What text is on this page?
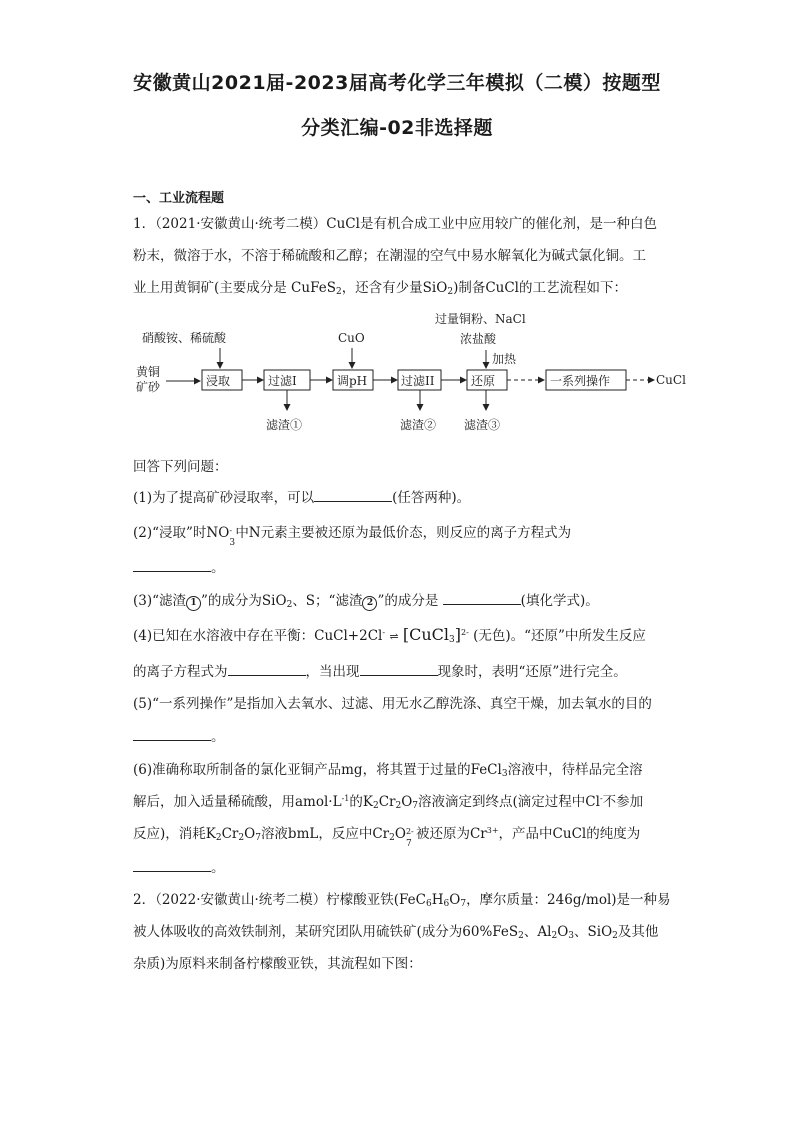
安徽黄山2021届-2023届高考化学三年模拟（二模）按题型
分类汇编-02非选择题
一、工业流程题
1．（2021·安徽黄山·统考二模）CuCl是有机合成工业中应用较广的催化剂，是一种白色
粉末，微溶于水，不溶于稀硫酸和乙醇；在潮湿的空气中易水解氧化为碱式氯化铜。工
业上用黄铜矿(主要成分是 CuFeS$_2$，还含有少量SiO$_2$)制备CuCl的工艺流程如下：
黄铜
矿砂
硝酸铵、稀硫酸
浸取	过滤I
滤渣①
CuO
调pH	过滤II
滤渣②
过量铜粉、NaCl
浓盐酸
加热
还原
滤渣③
一系列操作	CuCl
回答下列问题：
(1)为了提高矿砂浸取率，可以	(任答两种)。
(2)“浸取”时NO -
3
中N元素主要被还原为最低价态，则反应的离子方程式为
。
(3)“滤渣 1 ”的成分为SiO$_2$、S；“滤渣 2 ”的成分是	(填化学式)。
(4)已知在水溶液中存在平衡：CuCl+2Cl- ⇌ [CuCl$_3$]$^{2-}$ (无色)。“还原”中所发生反应
的离子方程式为	，当出现	现象时，表明“还原”进行完全。
(5)“一系列操作”是指加入去氧水、过滤、用无水乙醇洗涤、真空干燥，加去氧水的目的
。
(6)准确称取所制备的氯化亚铜产品mg，将其置于过量的FeCl$_3$溶液中，待样品完全溶
解后，加入适量稀硫酸，用$amol\cdot L^{-1}$的$K_2Cr_2O_7$溶液滴定到终点(滴定过程中Cl-不参加
反应)，消耗$K_2Cr_2O_7$溶液bmL，反应中$Cr_2O$ 2-
7
被还原为$Cr^{3+}$，产品中CuCl的纯度为
。
2．（2022·安徽黄山·统考二模）柠檬酸亚铁($FeC_6H_6O_7$，摩尔质量：246g/mol)是一种易
被人体吸收的高效铁制剂，某研究团队用硫铁矿(成分为60%FeS$_2$、$Al_2O_3$、SiO$_2$及其他
杂质)为原料来制备柠檬酸亚铁，其流程如下图：
